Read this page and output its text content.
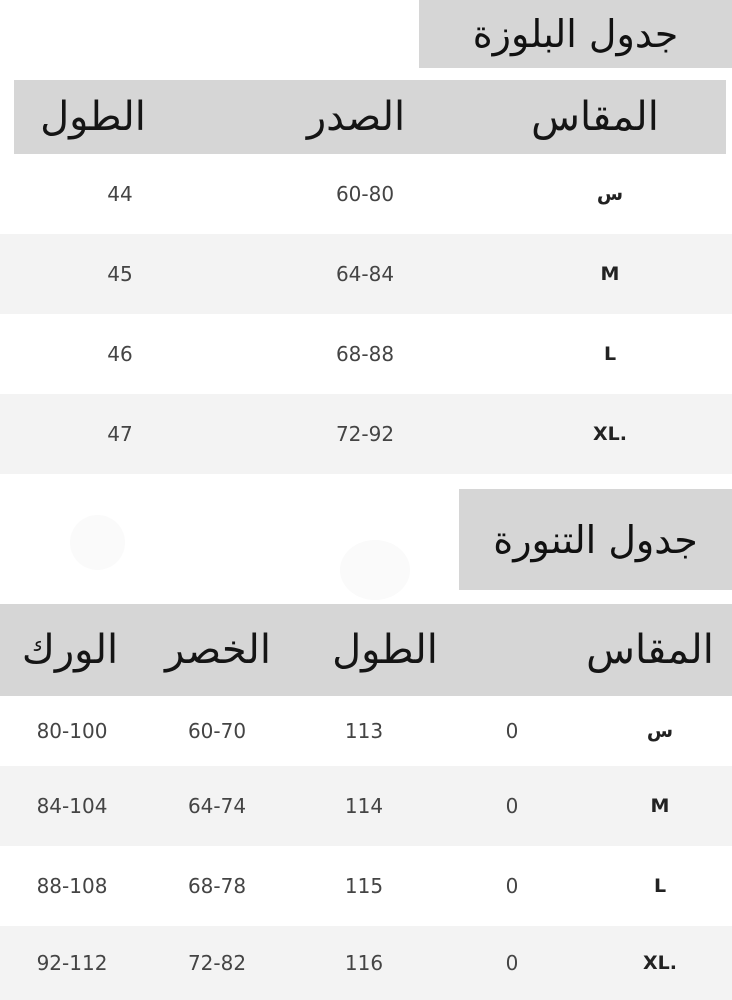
جدول البلوزة
المقاس
الصدر
الطول
س
60-80
44
M
64-84
45
L
68-88
46
XL.
72-92
47
جدول التنورة
المقاس
الطول
الخصر
الورك
س
0
113
60-70
80-100
M
0
114
64-74
84-104
L
0
115
68-78
88-108
XL.
0
116
72-82
92-112
